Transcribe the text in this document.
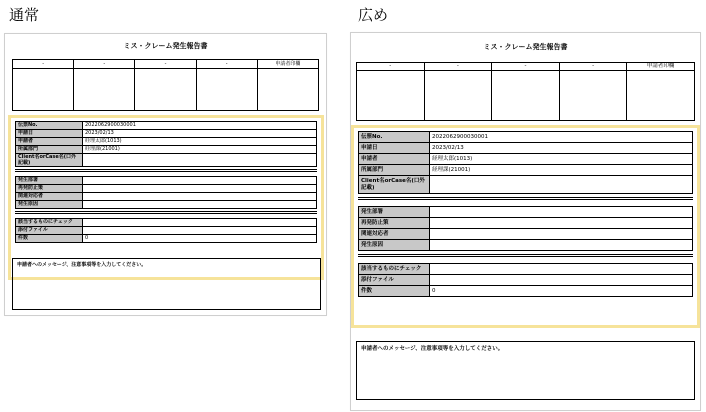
通常	広め
ミス・クレーム発生報告書
-	-	-	-	申請者印欄

伝票No.	2022062900030001
申請日	2023/02/13
申請者	経理太郎(1013)
所属部門	経理課(21001)
Client名orCase名(口外記載)	
発生部署	
再発防止策	
関連対応者	
発生原因	
該当するものにチェック	
添付ファイル	
件数	0
申請者へのメッセージ、注意事項等を入力してください。
ミス・クレーム発生報告書
-	-	-	-	申請者印欄

伝票No.	2022062900030001
申請日	2023/02/13
申請者	経理太郎(1013)
所属部門	経理課(21001)
Client名orCase名(口外記載)	
発生部署	
再発防止策	
関連対応者	
発生原因	
該当するものにチェック	
添付ファイル	
件数	0
申請者へのメッセージ、注意事項等を入力してください。
